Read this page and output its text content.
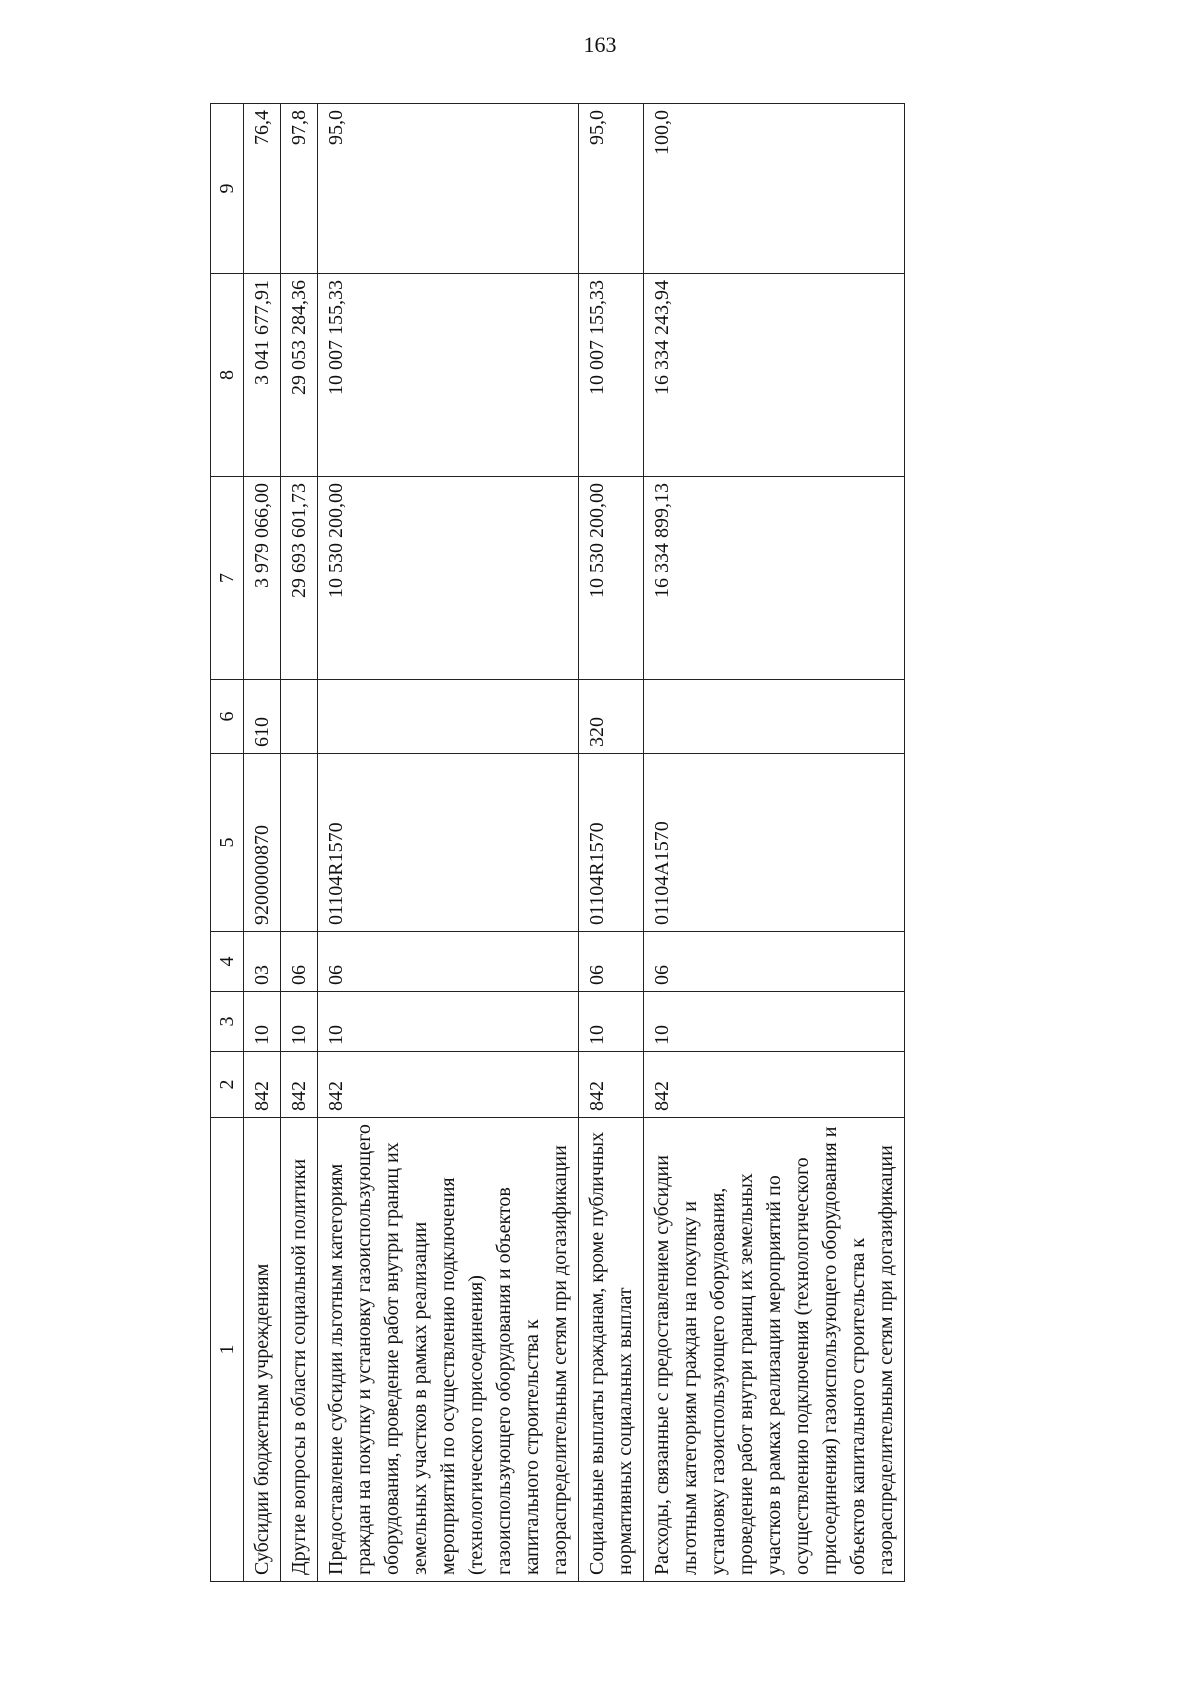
163
1	2	3	4	5	6	7	8	9
Субсидии бюджетным учреждениям	842	10	03	9200000870	610	3 979 066,00	3 041 677,91	76,4
Другие вопросы в области социальной политики	842	10	06			29 693 601,73	29 053 284,36	97,8
Предоставление субсидии льготным категориям граждан на покупку и установку газоиспользующего оборудования, проведение работ внутри границ их земельных участков в рамках реализации мероприятий по осуществлению подключения (технологического присоединения) газоиспользующего оборудования и объектов капитального строительства к газораспределительным сетям при догазификации	842	10	06	01104R1570		10 530 200,00	10 007 155,33	95,0
Социальные выплаты гражданам, кроме публичных нормативных социальных выплат	842	10	06	01104R1570	320	10 530 200,00	10 007 155,33	95,0
Расходы, связанные с предоставлением субсидии льготным категориям граждан на покупку и установку газоиспользующего оборудования, проведение работ внутри границ их земельных участков в рамках реализации мероприятий по осуществлению подключения (технологического присоединения) газоиспользующего оборудования и объектов капитального строительства к газораспределительным сетям при догазификации	842	10	06	01104A1570		16 334 899,13	16 334 243,94	100,0
